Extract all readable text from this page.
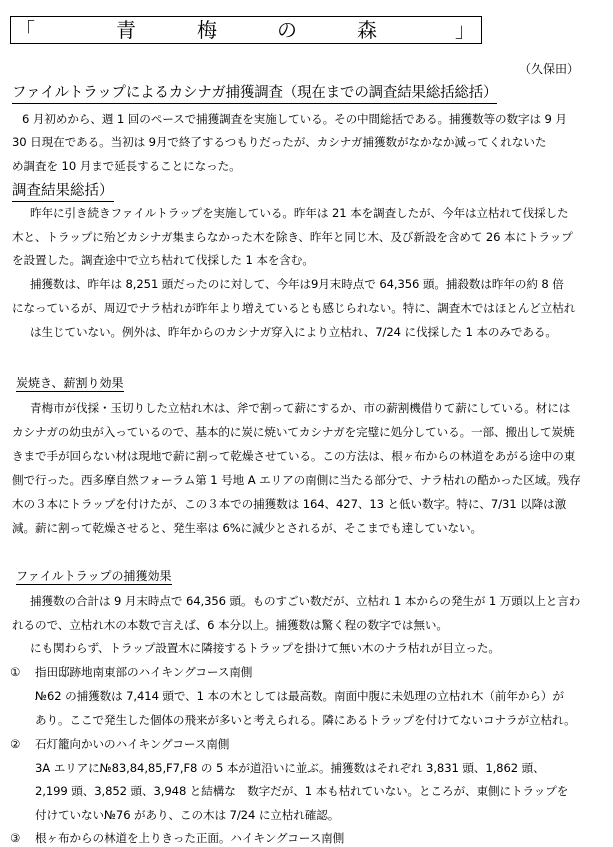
「	青	梅	の	森	」
（久保田）
ファイルトラップによるカシナガ捕獲調査（現在までの調査結果総括総括）
6 月初めから、週 1 回のペースで捕獲調査を実施している。その中間総括である。捕獲数等の数字は 9 月
30 日現在である。当初は 9月で終了するつもりだったが、カシナガ捕獲数がなかなか減ってくれないた
め調査を 10 月まで延長することになった。
調査結果総括）
昨年に引き続きファイルトラップを実施している。昨年は 21 本を調査したが、今年は立枯れて伐採した
木と、トラップに殆どカシナガ集まらなかった木を除き、昨年と同じ木、及び新設を含めて 26 本にトラップ
を設置した。調査途中で立ち枯れて伐採した 1 本を含む。
捕獲数は、昨年は 8,251 頭だったのに対して、今年は9月末時点で 64,356 頭。捕殺数は昨年の約 8 倍
になっているが、周辺でナラ枯れが昨年より増えているとも感じられない。特に、調査木ではほとんど立枯れ
は生じていない。例外は、昨年からのカシナガ穿入により立枯れ、7/24 に伐採した 1 本のみである。
炭焼き、薪割り効果
青梅市が伐採・玉切りした立枯れ木は、斧で割って薪にするか、市の薪割機借りて薪にしている。材には
カシナガの幼虫が入っているので、基本的に炭に焼いてカシナガを完璧に処分している。一部、搬出して炭焼
きまで手が回らない材は現地で薪に割って乾燥させている。この方法は、根ヶ布からの林道をあがる途中の東
側で行った。西多摩自然フォーラム第 1 号地 A エリアの南側に当たる部分で、ナラ枯れの酷かった区域。残存
木の３本にトラップを付けたが、この３本での捕獲数は 164、427、13 と低い数字。特に、7/31 以降は激
減。薪に割って乾燥させると、発生率は 6%に減少とされるが、そこまでも達していない。
ファイルトラップの捕獲効果
捕獲数の合計は 9 月末時点で 64,356 頭。ものすごい数だが、立枯れ 1 本からの発生が 1 万頭以上と言わ
れるので、立枯れ木の本数で言えば、6 本分以上。捕獲数は驚く程の数字では無い。
にも関わらず、トラップ設置木に隣接するトラップを掛けて無い木のナラ枯れが目立った。
① 指田邸跡地南東部のハイキングコース南側
№62 の捕獲数は 7,414 頭で、1 本の木としては最高数。南面中腹に未処理の立枯れ木（前年から）が
あり。ここで発生した個体の飛来が多いと考えられる。隣にあるトラップを付けてないコナラが立枯れ。
② 石灯籠向かいのハイキングコース南側
3A エリアに№83,84,85,F7,F8 の 5 本が道沿いに並ぶ。捕獲数はそれぞれ 3,831 頭、1,862 頭、
2,199 頭、3,852 頭、3,948 と結構な　数字だが、1 本も枯れていない。ところが、東側にトラップを
付けていない№76 があり、この木は 7/24 に立枯れ確認。
③ 根ヶ布からの林道を上りきった正面。ハイキングコース南側
